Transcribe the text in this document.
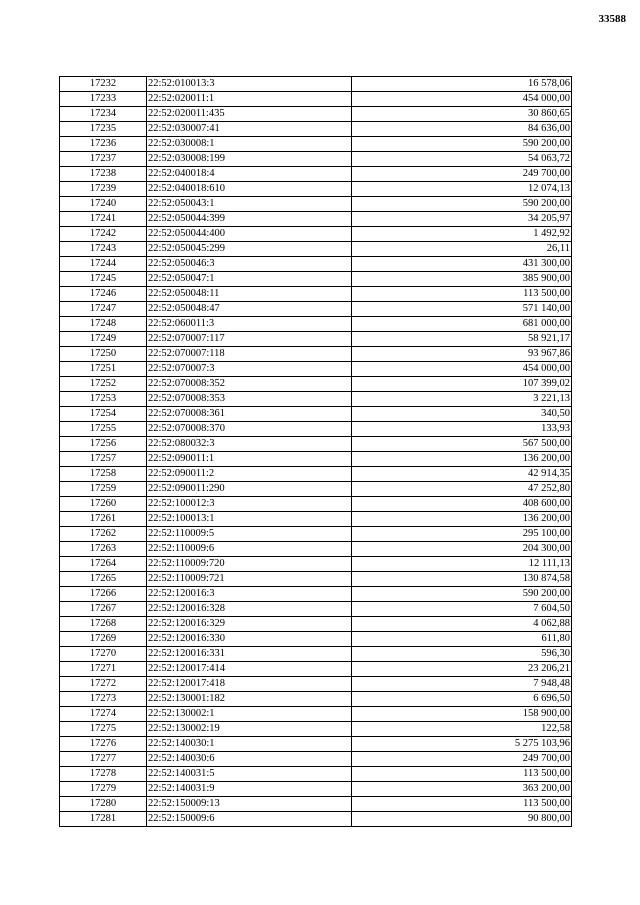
33588
17232	22:52:010013:3	16 578,06
17233	22:52:020011:1	454 000,00
17234	22:52:020011:435	30 860,65
17235	22:52:030007:41	84 636,00
17236	22:52:030008:1	590 200,00
17237	22:52:030008:199	54 063,72
17238	22:52:040018:4	249 700,00
17239	22:52:040018:610	12 074,13
17240	22:52:050043:1	590 200,00
17241	22:52:050044:399	34 205,97
17242	22:52:050044:400	1 492,92
17243	22:52:050045:299	26,11
17244	22:52:050046:3	431 300,00
17245	22:52:050047:1	385 900,00
17246	22:52:050048:11	113 500,00
17247	22:52:050048:47	571 140,00
17248	22:52:060011:3	681 000,00
17249	22:52:070007:117	58 921,17
17250	22:52:070007:118	93 967,86
17251	22:52:070007:3	454 000,00
17252	22:52:070008:352	107 399,02
17253	22:52:070008:353	3 221,13
17254	22:52:070008:361	340,50
17255	22:52:070008:370	133,93
17256	22:52:080032:3	567 500,00
17257	22:52:090011:1	136 200,00
17258	22:52:090011:2	42 914,35
17259	22:52:090011:290	47 252,80
17260	22:52:100012:3	408 600,00
17261	22:52:100013:1	136 200,00
17262	22:52:110009:5	295 100,00
17263	22:52:110009:6	204 300,00
17264	22:52:110009:720	12 111,13
17265	22:52:110009:721	130 874,58
17266	22:52:120016:3	590 200,00
17267	22:52:120016:328	7 604,50
17268	22:52:120016:329	4 062,88
17269	22:52:120016:330	611,80
17270	22:52:120016:331	596,30
17271	22:52:120017:414	23 206,21
17272	22:52:120017:418	7 948,48
17273	22:52:130001:182	6 696,50
17274	22:52:130002:1	158 900,00
17275	22:52:130002:19	122,58
17276	22:52:140030:1	5 275 103,96
17277	22:52:140030:6	249 700,00
17278	22:52:140031:5	113 500,00
17279	22:52:140031:9	363 200,00
17280	22:52:150009:13	113 500,00
17281	22:52:150009:6	90 800,00
